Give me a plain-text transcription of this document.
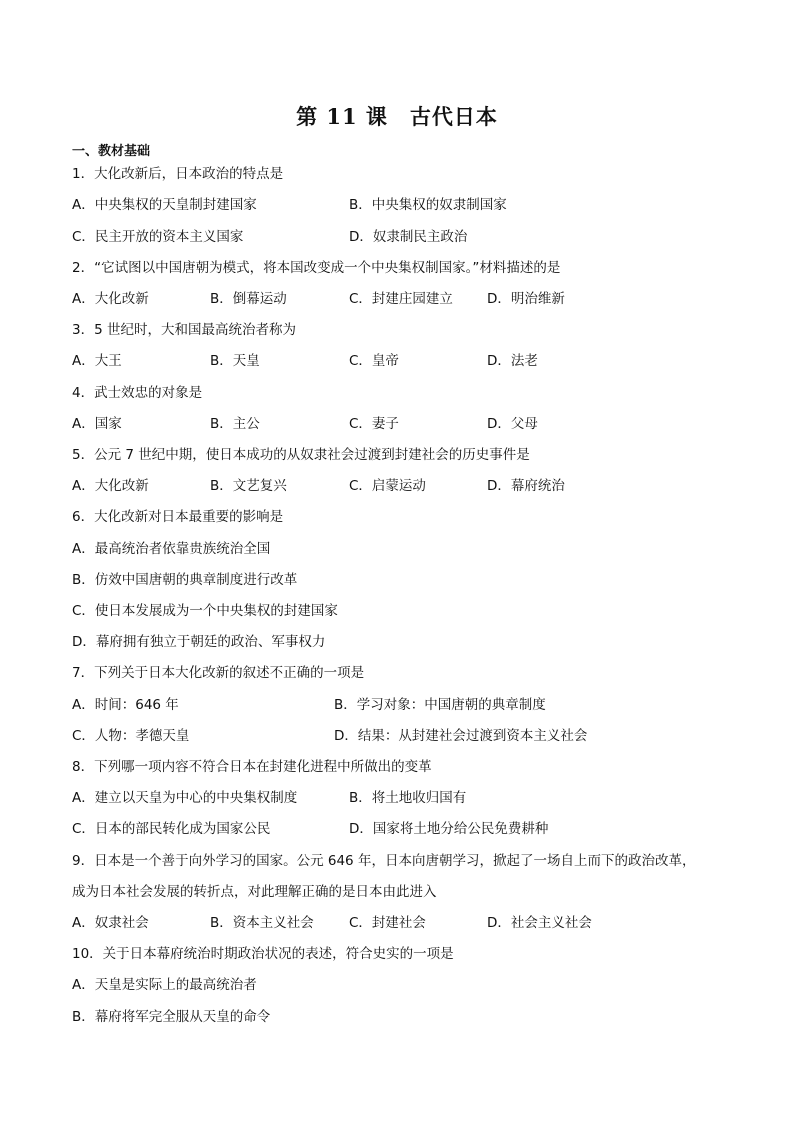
第 11 课　古代日本
一、教材基础
1．大化改新后，日本政治的特点是
A．中央集权的天皇制封建国家	B．中央集权的奴隶制国家
C．民主开放的资本主义国家	D．奴隶制民主政治
2．“它试图以中国唐朝为模式，将本国改变成一个中央集权制国家。”材料描述的是
A．大化改新	B．倒幕运动	C．封建庄园建立	D．明治维新
3．5 世纪时，大和国最高统治者称为
A．大王	B．天皇	C．皇帝	D．法老
4．武士效忠的对象是
A．国家	B．主公	C．妻子	D．父母
5．公元 7 世纪中期，使日本成功的从奴隶社会过渡到封建社会的历史事件是
A．大化改新	B．文艺复兴	C．启蒙运动	D．幕府统治
6．大化改新对日本最重要的影响是
A．最高统治者依靠贵族统治全国
B．仿效中国唐朝的典章制度进行改革
C．使日本发展成为一个中央集权的封建国家
D．幕府拥有独立于朝廷的政治、军事权力
7．下列关于日本大化改新的叙述不正确的一项是
A．时间：646 年	B．学习对象：中国唐朝的典章制度
C．人物：孝德天皇	D．结果：从封建社会过渡到资本主义社会
8．下列哪一项内容不符合日本在封建化进程中所做出的变革
A．建立以天皇为中心的中央集权制度	B．将土地收归国有
C．日本的部民转化成为国家公民	D．国家将土地分给公民免费耕种
9．日本是一个善于向外学习的国家。公元 646 年，日本向唐朝学习，掀起了一场自上而下的政治改革，
成为日本社会发展的转折点，对此理解正确的是日本由此进入
A．奴隶社会	B．资本主义社会	C．封建社会	D．社会主义社会
10．关于日本幕府统治时期政治状况的表述，符合史实的一项是
A．天皇是实际上的最高统治者
B．幕府将军完全服从天皇的命令
